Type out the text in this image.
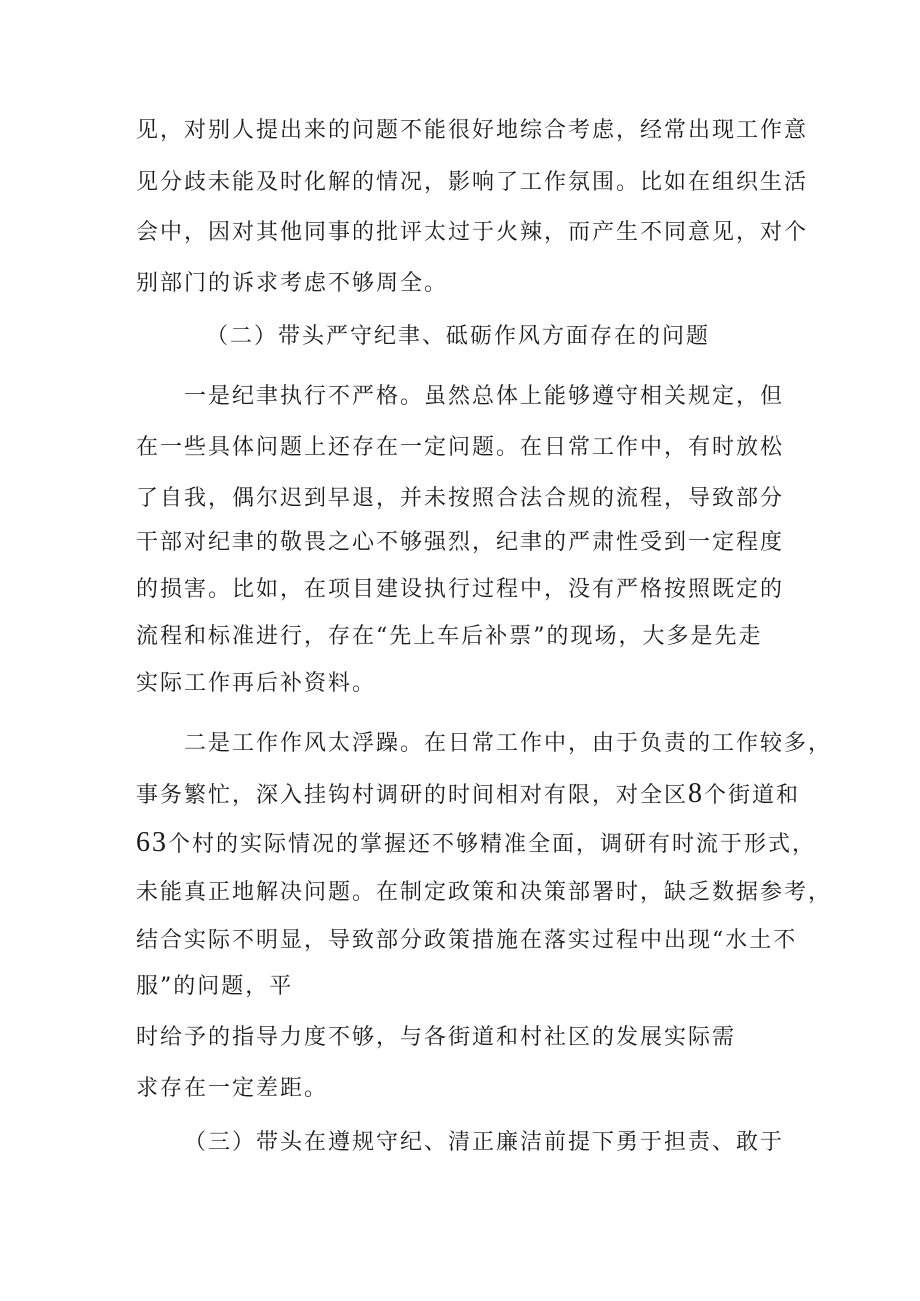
见，对别人提出来的问题不能很好地综合考虑，经常出现工作意
见分歧未能及时化解的情况，影响了工作氛围。比如在组织生活
会中，因对其他同事的批评太过于火辣，而产生不同意见，对个
别部门的诉求考虑不够周全。
（二）带头严守纪聿、砥砺作风方面存在的问题
一是纪聿执行不严格。虽然总体上能够遵守相关规定，但
在一些具体问题上还存在一定问题。在日常工作中，有时放松
了自我，偶尔迟到早退，并未按照合法合规的流程，导致部分
干部对纪聿的敬畏之心不够强烈，纪聿的严肃性受到一定程度
的损害。比如，在项目建设执行过程中，没有严格按照既定的
流程和标准进行，存在“先上车后补票”的现场，大多是先走
实际工作再后补资料。
二是工作作风太浮躁。在日常工作中，由于负责的工作较多，
事务繁忙，深入挂钩村调研的时间相对有限，对全区8个街道和
63个村的实际情况的掌握还不够精准全面，调研有时流于形式，
未能真正地解决问题。在制定政策和决策部署时，缺乏数据参考，
结合实际不明显，导致部分政策措施在落实过程中出现“水土不
服”的问题，平
时给予的指导力度不够，与各街道和村社区的发展实际需
求存在一定差距。
（三）带头在遵规守纪、清正廉洁前提下勇于担责、敢于
